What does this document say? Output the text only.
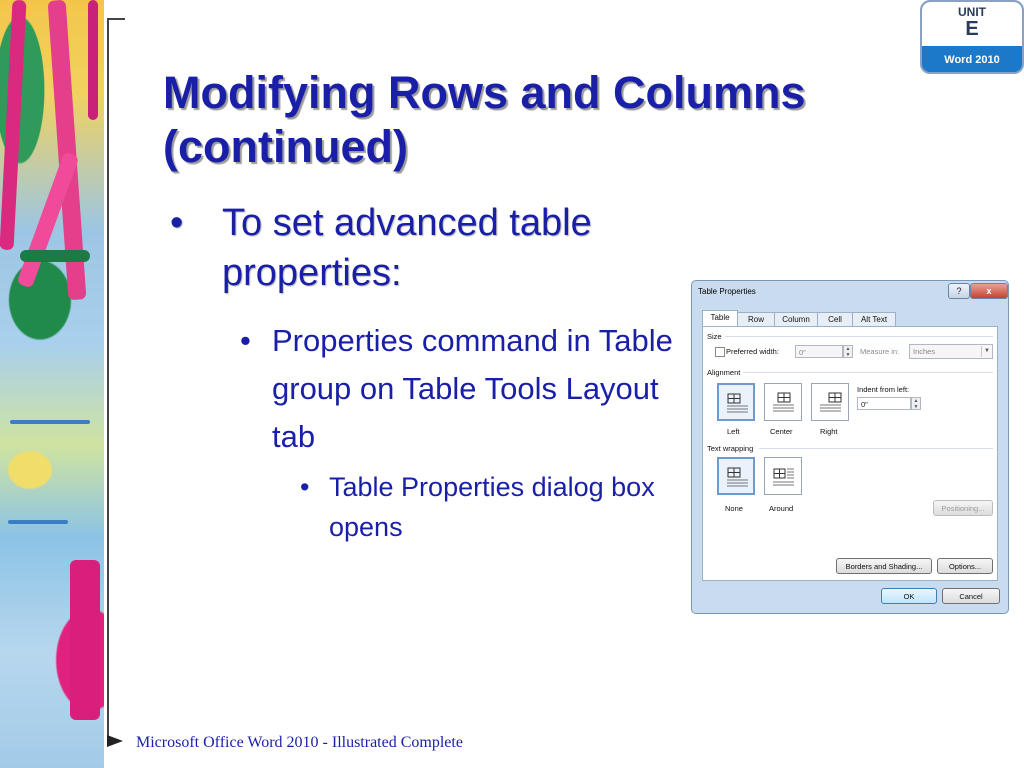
Modifying Rows and Columns (continued)
UNIT
E
Word 2010
• To set advanced table properties:
• Properties command in Table group on Table Tools Layout tab
• Table Properties dialog box opens
Table Properties	?	x
Table	Row	Column	Cell	Alt Text
Size
Preferred width:	0"	▲
▼	Measure in:	Inches	▼
Alignment
Left	Center	Right
Indent from left:
0"	▲
▼
Text wrapping
None	Around	Positioning...
Borders and Shading...	Options...
OK	Cancel
Microsoft Office Word 2010 - Illustrated Complete
